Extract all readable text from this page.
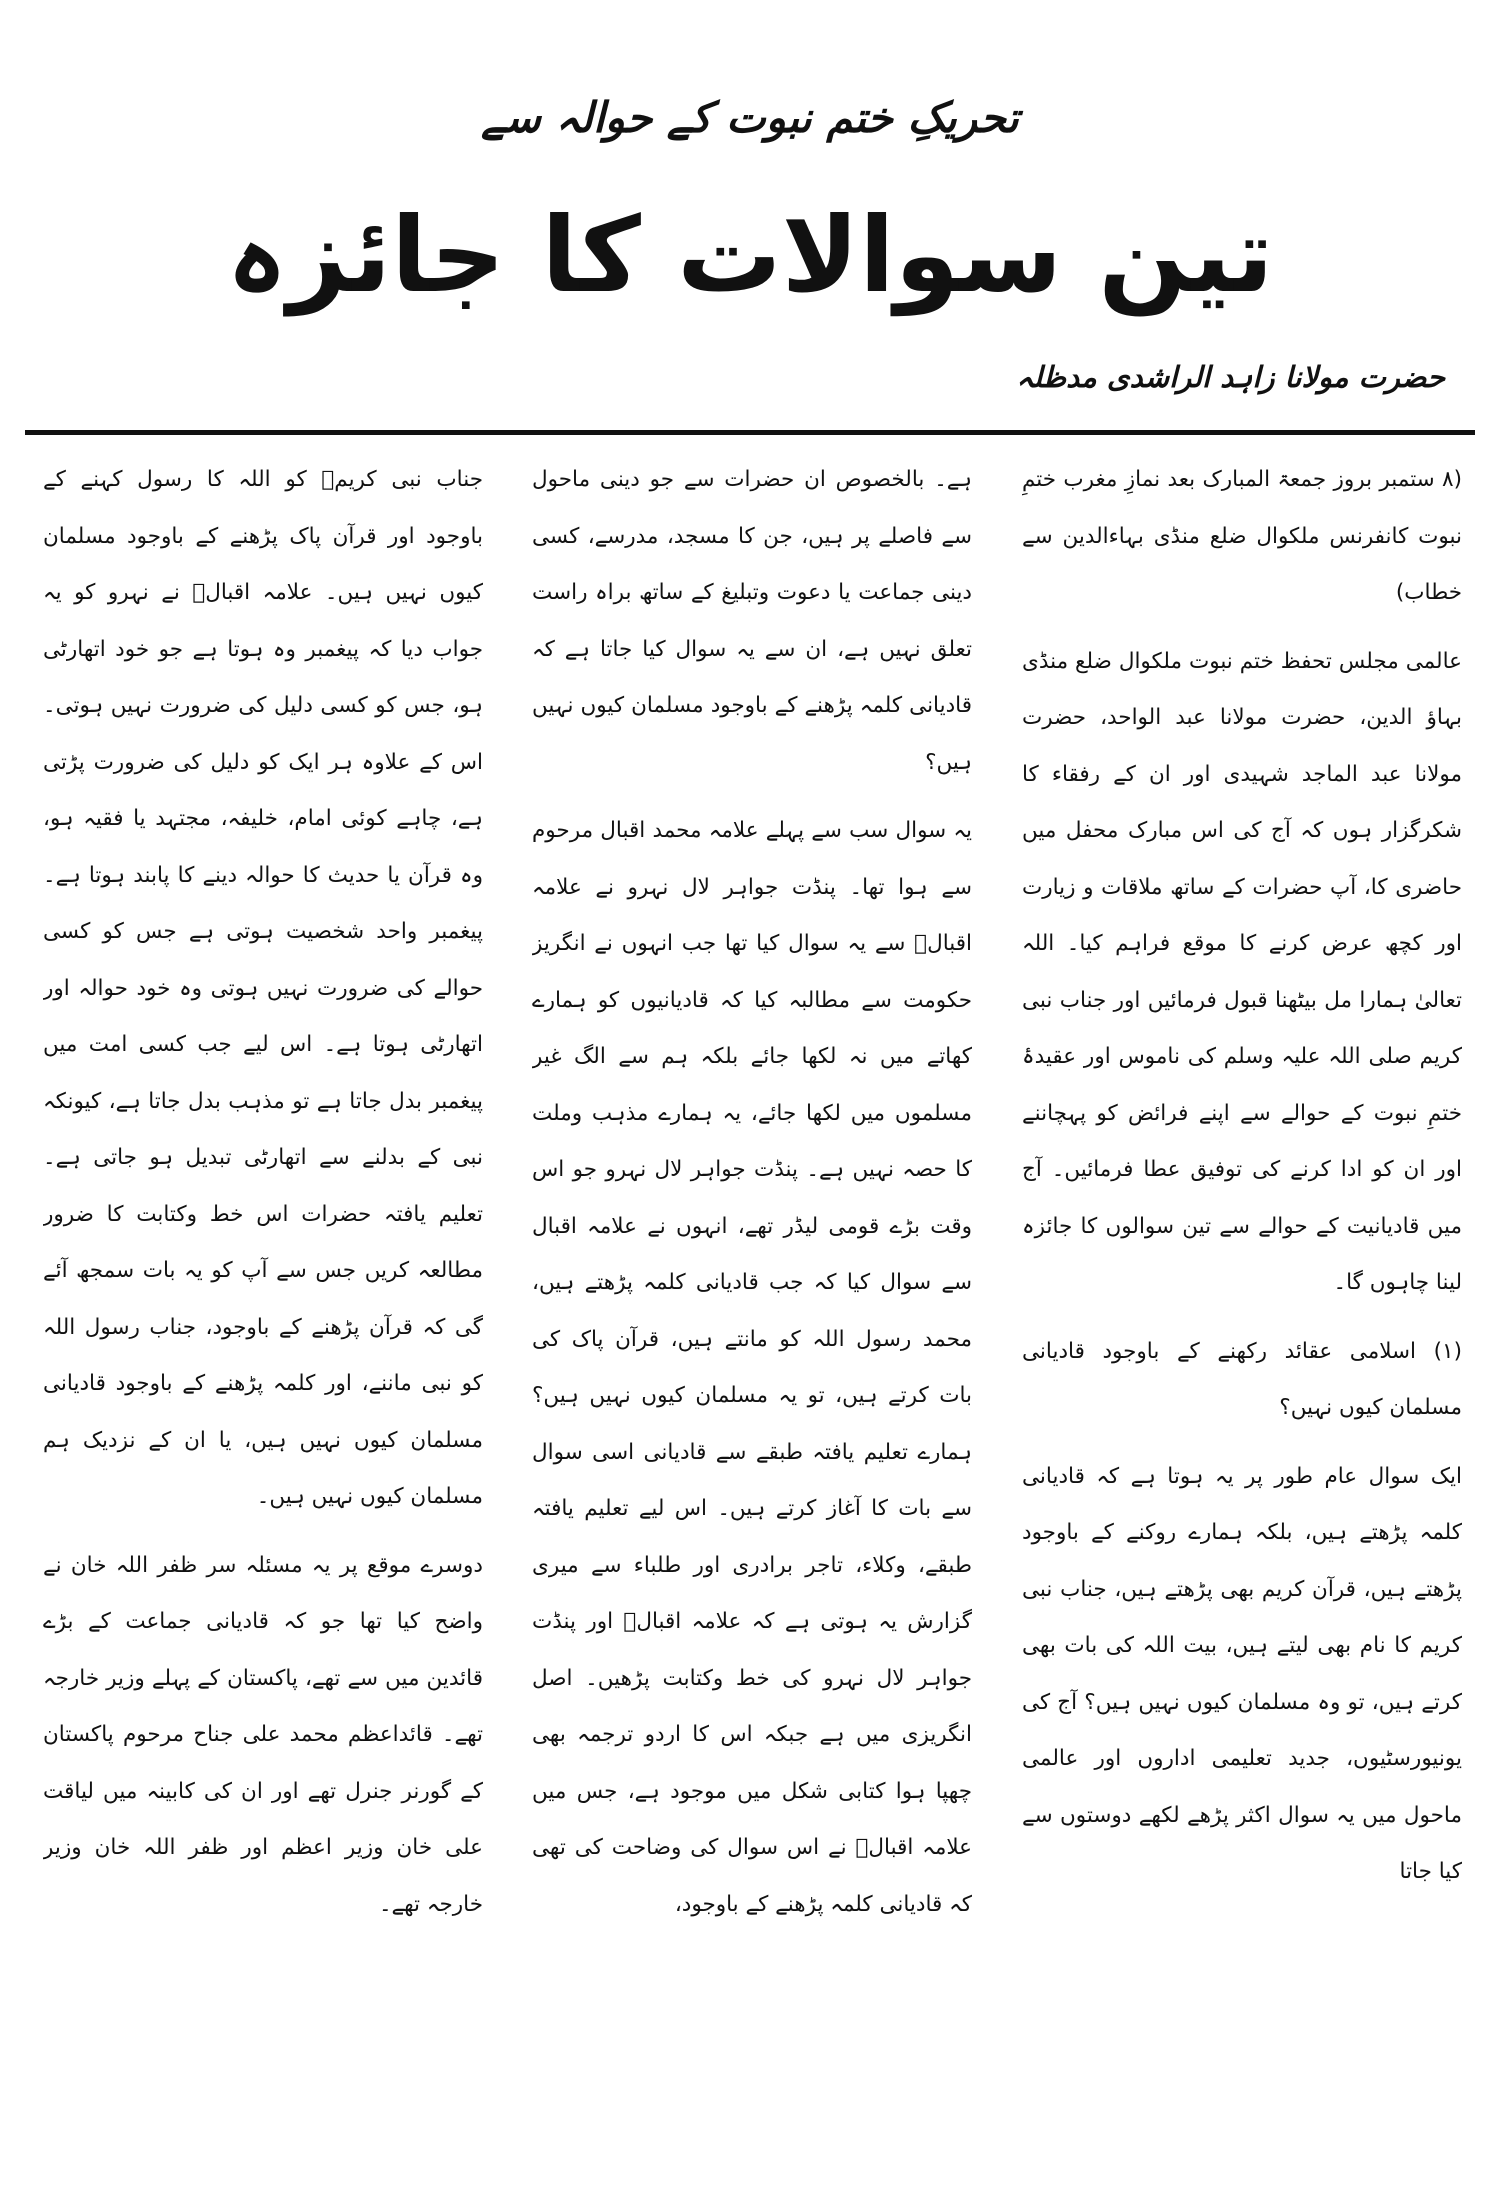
تحریکِ ختم نبوت کے حوالہ سے
تین سوالات کا جائزہ
حضرت مولانا زاہد الراشدی مدظلہ

(۸ ستمبر بروز جمعۃ المبارک بعد نمازِ مغرب ختمِ نبوت کانفرنس ملکوال ضلع منڈی بہاءالدین سے خطاب)

عالمی مجلس تحفظ ختم نبوت ملکوال ضلع منڈی بہاؤ الدین، حضرت مولانا عبد الواحد، حضرت مولانا عبد الماجد شہیدی اور ان کے رفقاء کا شکرگزار ہوں کہ آج کی اس مبارک محفل میں حاضری کا، آپ حضرات کے ساتھ ملاقات و زیارت اور کچھ عرض کرنے کا موقع فراہم کیا۔ اللہ تعالیٰ ہمارا مل بیٹھنا قبول فرمائیں اور جناب نبی کریم صلی اللہ علیہ وسلم کی ناموس اور عقیدۂ ختمِ نبوت کے حوالے سے اپنے فرائض کو پہچاننے اور ان کو ادا کرنے کی توفیق عطا فرمائیں۔ آج میں قادیانیت کے حوالے سے تین سوالوں کا جائزہ لینا چاہوں گا۔

(۱) اسلامی عقائد رکھنے کے باوجود قادیانی مسلمان کیوں نہیں؟

ایک سوال عام طور پر یہ ہوتا ہے کہ قادیانی کلمہ پڑھتے ہیں، بلکہ ہمارے روکنے کے باوجود پڑھتے ہیں، قرآن کریم بھی پڑھتے ہیں، جناب نبی کریم کا نام بھی لیتے ہیں، بیت اللہ کی بات بھی کرتے ہیں، تو وہ مسلمان کیوں نہیں ہیں؟ آج کی یونیورسٹیوں، جدید تعلیمی اداروں اور عالمی ماحول میں یہ سوال اکثر پڑھے لکھے دوستوں سے کیا جاتا

ہے۔ بالخصوص ان حضرات سے جو دینی ماحول سے فاصلے پر ہیں، جن کا مسجد، مدرسے، کسی دینی جماعت یا دعوت وتبلیغ کے ساتھ براہ راست تعلق نہیں ہے، ان سے یہ سوال کیا جاتا ہے کہ قادیانی کلمہ پڑھنے کے باوجود مسلمان کیوں نہیں ہیں؟

یہ سوال سب سے پہلے علامہ محمد اقبال مرحوم سے ہوا تھا۔ پنڈت جواہر لال نہرو نے علامہ اقبالؒ سے یہ سوال کیا تھا جب انہوں نے انگریز حکومت سے مطالبہ کیا کہ قادیانیوں کو ہمارے کھاتے میں نہ لکھا جائے بلکہ ہم سے الگ غیر مسلموں میں لکھا جائے، یہ ہمارے مذہب وملت کا حصہ نہیں ہے۔ پنڈت جواہر لال نہرو جو اس وقت بڑے قومی لیڈر تھے، انہوں نے علامہ اقبال سے سوال کیا کہ جب قادیانی کلمہ پڑھتے ہیں، محمد رسول اللہ کو مانتے ہیں، قرآن پاک کی بات کرتے ہیں، تو یہ مسلمان کیوں نہیں ہیں؟ ہمارے تعلیم یافتہ طبقے سے قادیانی اسی سوال سے بات کا آغاز کرتے ہیں۔ اس لیے تعلیم یافتہ طبقے، وکلاء، تاجر برادری اور طلباء سے میری گزارش یہ ہوتی ہے کہ علامہ اقبالؒ اور پنڈت جواہر لال نہرو کی خط وکتابت پڑھیں۔ اصل انگریزی میں ہے جبکہ اس کا اردو ترجمہ بھی چھپا ہوا کتابی شکل میں موجود ہے، جس میں علامہ اقبالؒ نے اس سوال کی وضاحت کی تھی کہ قادیانی کلمہ پڑھنے کے باوجود،

جناب نبی کریمؐ کو اللہ کا رسول کہنے کے باوجود اور قرآن پاک پڑھنے کے باوجود مسلمان کیوں نہیں ہیں۔ علامہ اقبالؒ نے نہرو کو یہ جواب دیا کہ پیغمبر وہ ہوتا ہے جو خود اتھارٹی ہو، جس کو کسی دلیل کی ضرورت نہیں ہوتی۔ اس کے علاوہ ہر ایک کو دلیل کی ضرورت پڑتی ہے، چاہے کوئی امام، خلیفہ، مجتہد یا فقیہ ہو، وہ قرآن یا حدیث کا حوالہ دینے کا پابند ہوتا ہے۔ پیغمبر واحد شخصیت ہوتی ہے جس کو کسی حوالے کی ضرورت نہیں ہوتی وہ خود حوالہ اور اتھارٹی ہوتا ہے۔ اس لیے جب کسی امت میں پیغمبر بدل جاتا ہے تو مذہب بدل جاتا ہے، کیونکہ نبی کے بدلنے سے اتھارٹی تبدیل ہو جاتی ہے۔ تعلیم یافتہ حضرات اس خط وکتابت کا ضرور مطالعہ کریں جس سے آپ کو یہ بات سمجھ آئے گی کہ قرآن پڑھنے کے باوجود، جناب رسول اللہ کو نبی ماننے، اور کلمہ پڑھنے کے باوجود قادیانی مسلمان کیوں نہیں ہیں، یا ان کے نزدیک ہم مسلمان کیوں نہیں ہیں۔

دوسرے موقع پر یہ مسئلہ سر ظفر اللہ خان نے واضح کیا تھا جو کہ قادیانی جماعت کے بڑے قائدین میں سے تھے، پاکستان کے پہلے وزیر خارجہ تھے۔ قائداعظم محمد علی جناح مرحوم پاکستان کے گورنر جنرل تھے اور ان کی کابینہ میں لیاقت علی خان وزیر اعظم اور ظفر اللہ خان وزیر خارجہ تھے۔
